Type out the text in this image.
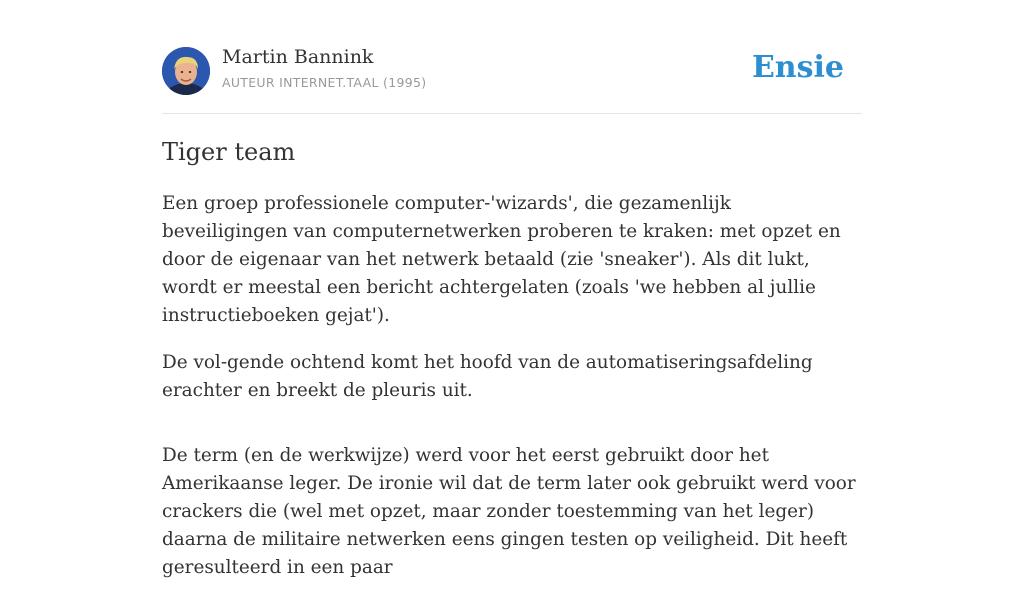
Martin Bannink
AUTEUR INTERNET.TAAL (1995)	Ensie
Tiger team

Een groep professionele computer-'wizards', die gezamenlijk beveiligingen van computernetwerken proberen te kraken: met opzet en door de eigenaar van het netwerk betaald (zie 'sneaker'). Als dit lukt, wordt er meestal een bericht achtergelaten (zoals 'we hebben al jullie instructieboeken gejat').

De vol-gende ochtend komt het hoofd van de automatiseringsafdeling erachter en breekt de pleuris uit.

De term (en de werkwijze) werd voor het eerst gebruikt door het Amerikaanse leger. De ironie wil dat de term later ook gebruikt werd voor crackers die (wel met opzet, maar zonder toestemming van het leger) daarna de militaire netwerken eens gingen testen op veiligheid. Dit heeft geresulteerd in een paar
